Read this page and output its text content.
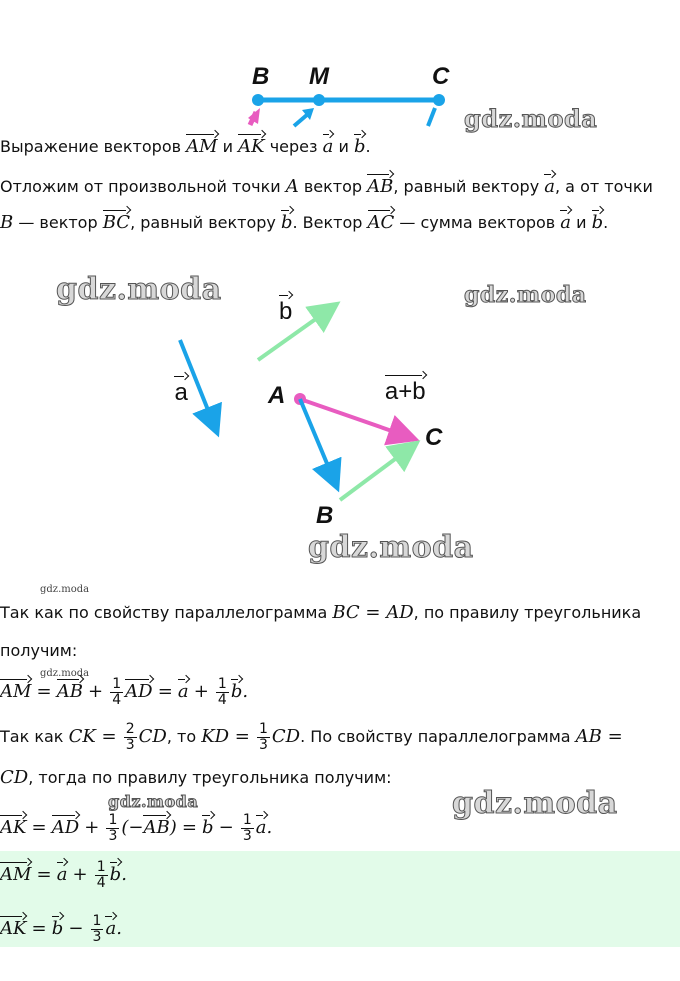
B M	C
gdz.moda
Выражение векторов AM и AK через a и b.
Отложим от произвольной точки A вектор AB, равный вектору a, а от точки
B — вектор BC, равный вектору b. Вектор AC — сумма векторов a и b.
gdz.moda	gdz.moda
b a	a+b
A
C
B
gdz.moda
gdz.moda
Так как по свойству параллелограмма BC = AD, по правилу треугольника
получим:
gdz.moda
AM = AB + $\frac{1}{4}$ AD = $a + \frac{1}{4} b$.
Так как CK = $\frac{2}{3}$ CD, то KD = $\frac{1}{3}$ CD. По свойству параллелограмма AB =
CD, тогда по правилу треугольника получим:
gdz.moda
gdz.moda
AK = AD + $\frac{1}{3} (-AB) = b - \frac{1}{3} a$.
AM = $a + \frac{1}{4} b$.
AK = $b - \frac{1}{3} a$.
